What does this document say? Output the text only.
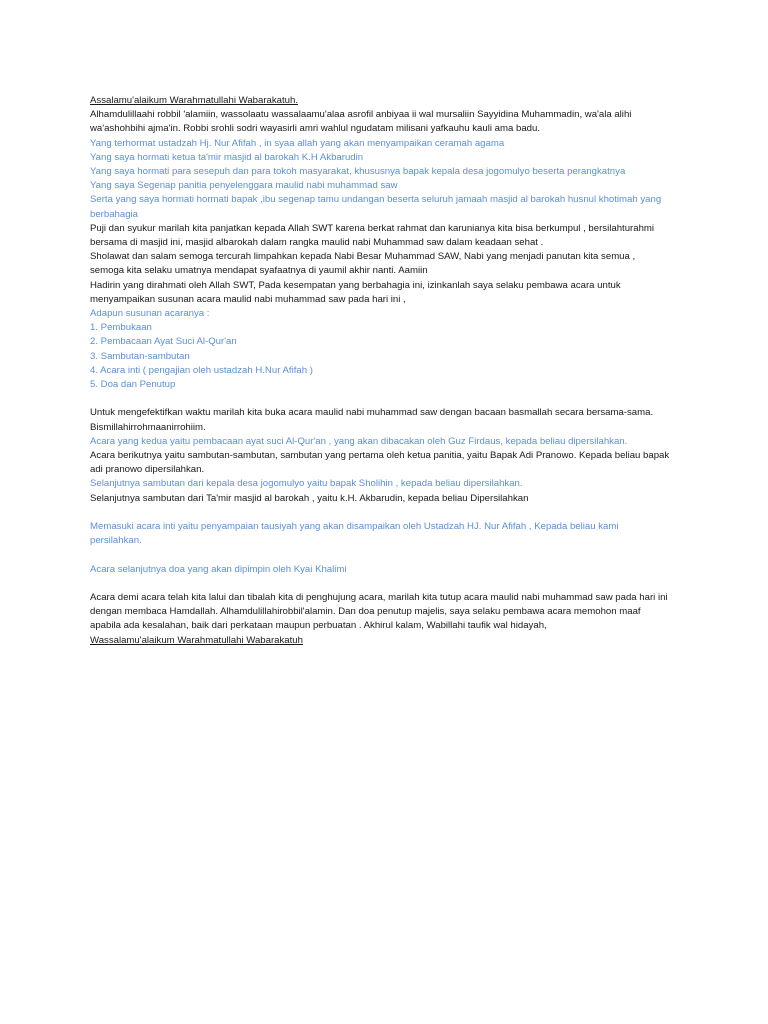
Assalamu'alaikum Warahmatullahi Wabarakatuh.
Alhamdulillaahi robbil 'alamiin, wassolaatu wassalaamu'alaa asrofil anbiyaa ii wal mursaliin Sayyidina Muhammadin, wa'ala alihi wa'ashohbihi ajma'in. Robbi srohli sodri wayasirli amri wahlul ngudatam milisani yafkauhu kauli ama badu.
Yang terhormat ustadzah Hj. Nur Afifah , in syaa allah yang akan menyampaikan ceramah agama
Yang saya hormati ketua ta'mir masjid al barokah K.H Akbarudin
Yang saya hormati para sesepuh dan para tokoh masyarakat, khususnya bapak kepala desa jogomulyo beserta perangkatnya
Yang saya Segenap panitia penyelenggara maulid nabi muhammad saw
Serta yang saya hormati hormati bapak ,ibu segenap tamu undangan beserta seluruh jamaah masjid al barokah husnul khotimah yang berbahagia
Puji dan syukur marilah kita panjatkan kepada Allah SWT karena berkat rahmat dan karunianya kita bisa berkumpul , bersilahturahmi bersama di masjid ini, masjid albarokah dalam rangka maulid nabi Muhammad saw dalam keadaan sehat .
Sholawat dan salam semoga tercurah limpahkan kepada Nabi Besar Muhammad SAW, Nabi yang menjadi panutan kita semua , semoga kita selaku umatnya mendapat syafaatnya di yaumil akhir nanti. Aamiin
Hadirin yang dirahmati oleh Allah SWT, Pada kesempatan yang berbahagia ini, izinkanlah saya selaku pembawa acara untuk menyampaikan susunan acara maulid nabi muhammad saw pada hari ini ,
Adapun susunan acaranya :
1. Pembukaan
2. Pembacaan Ayat Suci Al-Qur'an
3. Sambutan-sambutan
4. Acara inti ( pengajian oleh ustadzah H.Nur Afifah )
5. Doa dan Penutup
Untuk mengefektifkan waktu marilah kita buka acara maulid nabi muhammad saw dengan bacaan basmallah secara bersama-sama. Bismillahirrohmaanirrohiim.
Acara yang kedua yaitu pembacaan ayat suci Al-Qur'an , yang akan dibacakan oleh Guz Firdaus, kepada beliau dipersilahkan.
Acara berikutnya yaitu sambutan-sambutan, sambutan yang pertama oleh ketua panitia, yaitu Bapak Adi Pranowo. Kepada beliau bapak adi pranowo dipersilahkan.
Selanjutnya sambutan dari kepala desa jogomulyo yaitu bapak Sholihin , kepada beliau dipersilahkan.
Selanjutnya sambutan dari Ta'mir masjid al barokah , yaitu k.H. Akbarudin, kepada beliau Dipersilahkan
Memasuki acara inti yaitu penyampaian tausiyah yang akan disampaikan oleh Ustadzah HJ. Nur Afifah , Kepada beliau kami persilahkan.
Acara selanjutnya doa yang akan dipimpin oleh Kyai Khalimi
Acara demi acara telah kita lalui dan tibalah kita di penghujung acara, marilah kita tutup acara maulid nabi muhammad saw pada hari ini dengan membaca Hamdallah. Alhamdulillahirobbil'alamin. Dan doa penutup majelis, saya selaku pembawa acara memohon maaf apabila ada kesalahan, baik dari perkataan maupun perbuatan . Akhirul kalam, Wabillahi taufik wal hidayah,
Wassalamu'alaikum Warahmatullahi Wabarakatuh
